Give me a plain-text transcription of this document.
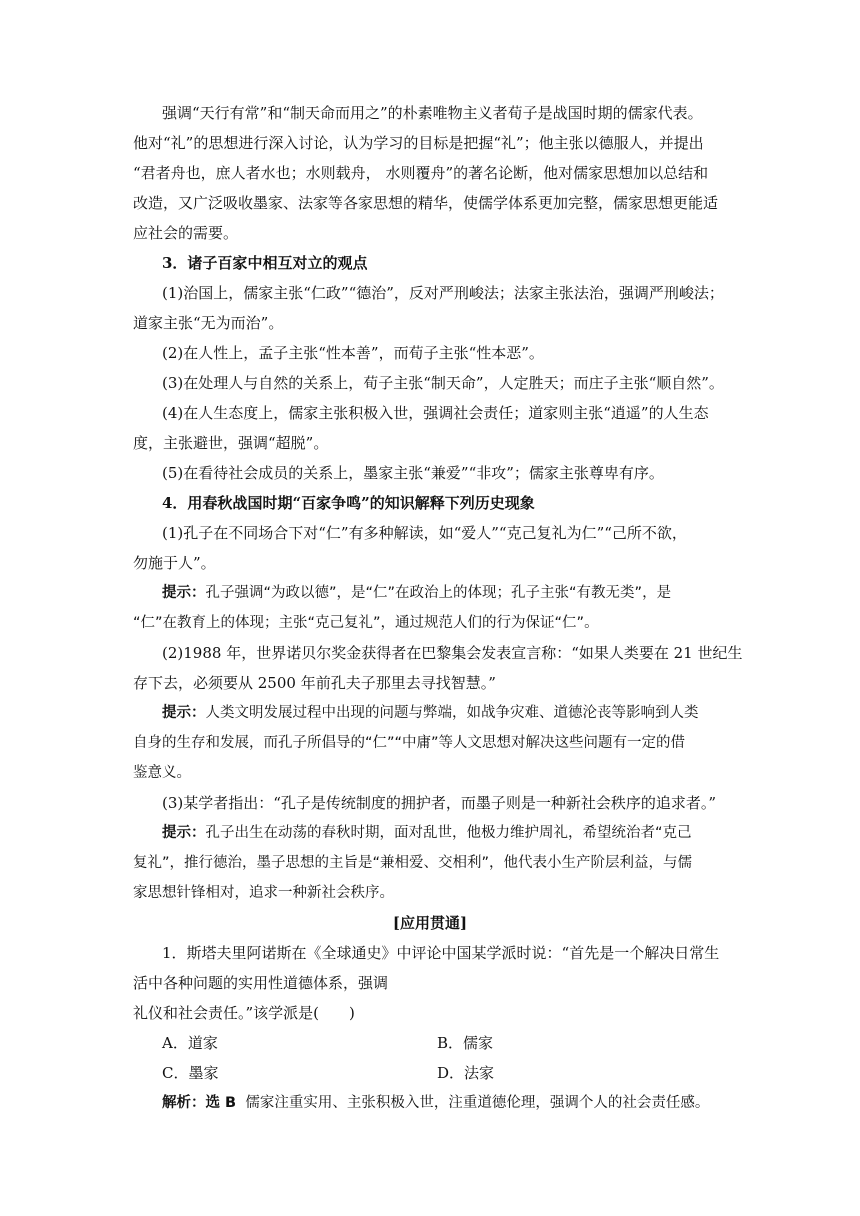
强调“天行有常”和“制天命而用之”的朴素唯物主义者荀子是战国时期的儒家代表。
他对“礼”的思想进行深入讨论，认为学习的目标是把握“礼”；他主张以德服人，并提出
“君者舟也，庶人者水也；水则载舟， 水则覆舟”的著名论断，他对儒家思想加以总结和
改造，又广泛吸收墨家、法家等各家思想的精华，使儒学体系更加完整，儒家思想更能适
应社会的需要。
3．诸子百家中相互对立的观点
(1)治国上，儒家主张“仁政”“德治”，反对严刑峻法；法家主张法治，强调严刑峻法；
道家主张“无为而治”。
(2)在人性上，孟子主张“性本善”，而荀子主张“性本恶”。
(3)在处理人与自然的关系上，荀子主张“制天命”，人定胜天；而庄子主张“顺自然”。
(4)在人生态度上，儒家主张积极入世，强调社会责任；道家则主张“逍遥”的人生态
度，主张避世，强调“超脱”。
(5)在看待社会成员的关系上，墨家主张“兼爱”“非攻”；儒家主张尊卑有序。
4．用春秋战国时期“百家争鸣”的知识解释下列历史现象
(1)孔子在不同场合下对“仁”有多种解读，如“爱人”“克己复礼为仁”“己所不欲，
勿施于人”。
提示：孔子强调“为政以德”，是“仁”在政治上的体现；孔子主张“有教无类”，是
“仁”在教育上的体现；主张“克己复礼”，通过规范人们的行为保证“仁”。
(2)1988 年，世界诺贝尔奖金获得者在巴黎集会发表宣言称：“如果人类要在 21 世纪生
存下去，必须要从 2500 年前孔夫子那里去寻找智慧。”
提示：人类文明发展过程中出现的问题与弊端，如战争灾难、道德沦丧等影响到人类
自身的生存和发展，而孔子所倡导的“仁”“中庸”等人文思想对解决这些问题有一定的借
鉴意义。
(3)某学者指出：“孔子是传统制度的拥护者，而墨子则是一种新社会秩序的追求者。”
提示：孔子出生在动荡的春秋时期，面对乱世，他极力维护周礼，希望统治者“克己
复礼”，推行德治，墨子思想的主旨是“兼相爱、交相利”，他代表小生产阶层利益，与儒
家思想针锋相对，追求一种新社会秩序。
[应用贯通]
1．斯塔夫里阿诺斯在《全球通史》中评论中国某学派时说：“首先是一个解决日常生
活中各种问题的实用性道德体系，强调
礼仪和社会责任。”该学派是(　　)
A．道家	B．儒家
C．墨家	D．法家
解析：选 B 儒家注重实用、主张积极入世，注重道德伦理，强调个人的社会责任感。
